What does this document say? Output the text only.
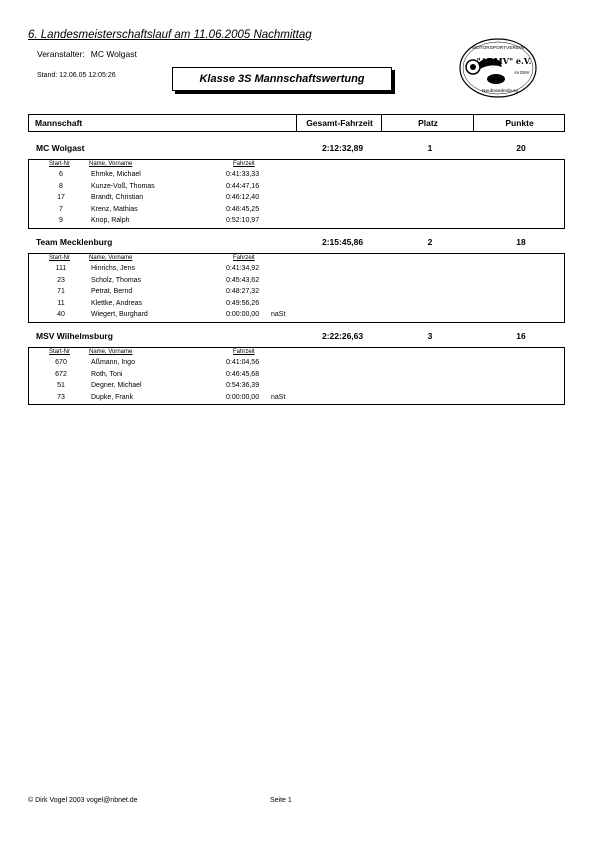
6. Landesmeisterschaftslauf am 11.06.2005 Nachmittag
Veranstalter: MC Wolgast
Stand: 12.06.05 12:05:26	Klasse 3S Mannschaftswertung
MOTORSPORTVEREIN
"ADMV" e.V.
im DMV
Neubrandenburg
Mannschaft	Gesamt-Fahrzeit	Platz	Punkte
MC Wolgast	2:12:32,89	1	20
Start-Nr	Name, Vorname	Fahrzeit
6	Ehmke, Michael	0:41:33,33
8	Kunze-Voß, Thomas	0:44:47,16
17	Brandt, Christian	0:46:12,40
7	Krenz, Mathias	0:46:45,25
9	Knop, Ralph	0:52:10,97
Team Mecklenburg	2:15:45,86	2	18
Start-Nr	Name, Vorname	Fahrzeit
111	Hinrichs, Jens	0:41:34,92
23	Scholz, Thomas	0:45:43,62
71	Petrat, Bernd	0:48:27,32
11	Klettke, Andreas	0:49:56,26
40	Wiegert, Burghard	0:00:00,00 naSt
MSV Wilhelmsburg	2:22:26,63	3	16
Start-Nr	Name, Vorname	Fahrzeit
670	Aßmann, Ingo	0:41:04,56
672	Roth, Toni	0:46:45,68
51	Degner, Michael	0:54:36,39
73	Dupke, Frank	0:00:00,00 naSt
© Dirk Vogel 2003 vogel@nbnet.de	Seite 1
